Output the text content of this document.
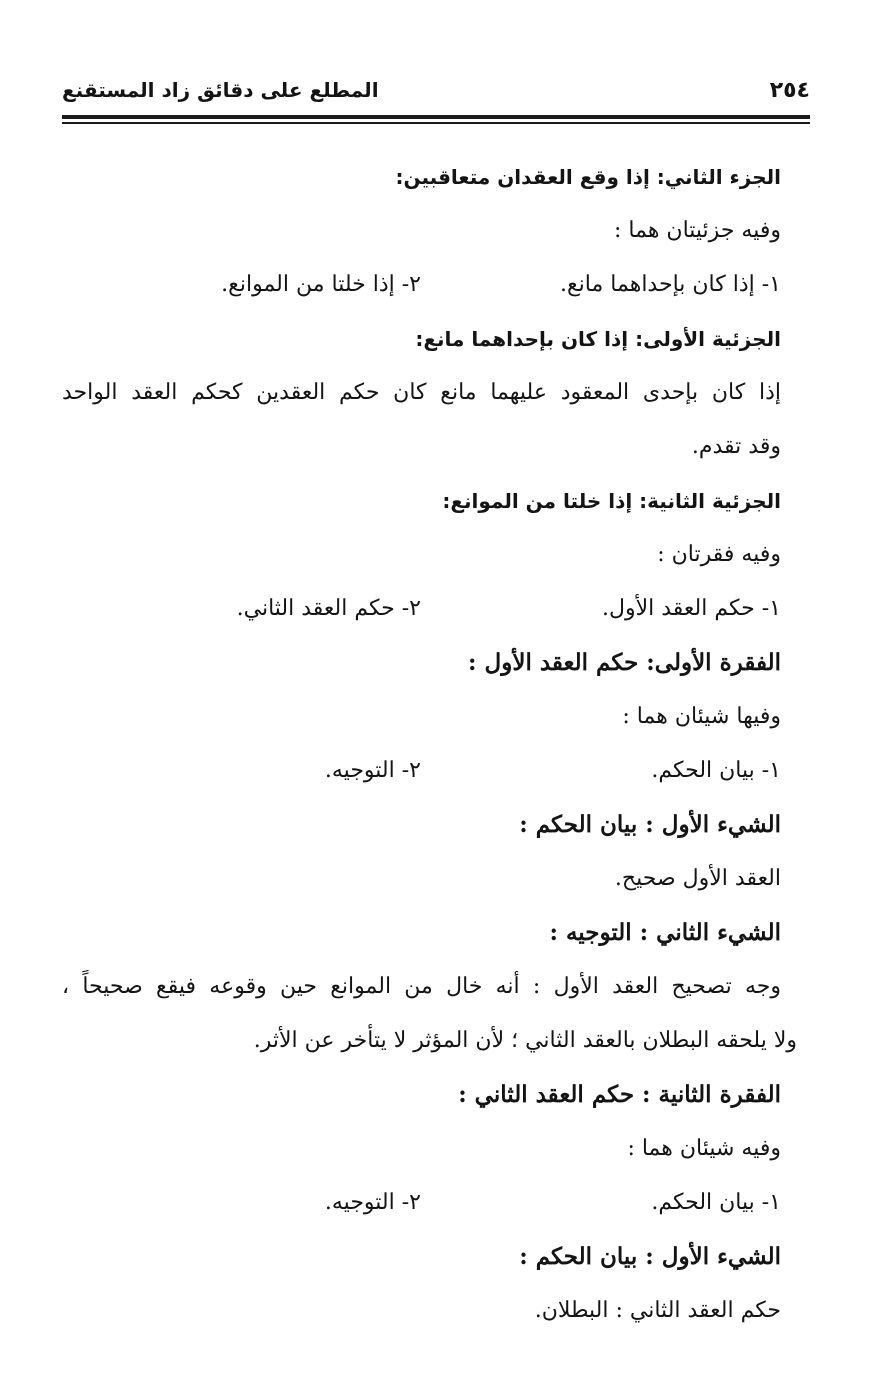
٢٥٤
المطلع على دقائق زاد المستقنع
الجزء الثاني: إذا وقع العقدان متعاقبين:
وفيه جزئيتان هما :
١- إذا كان بإحداهما مانع.
٢- إذا خلتا من الموانع.
الجزئية الأولى: إذا كان بإحداهما مانع:
إذا كان بإحدى المعقود عليهما مانع كان حكم العقدين كحكم العقد الواحد
وقد تقدم.
الجزئية الثانية: إذا خلتا من الموانع:
وفيه فقرتان :
١- حكم العقد الأول.
٢- حكم العقد الثاني.
الفقرة الأولى: حكم العقد الأول :
وفيها شيئان هما :
١- بيان الحكم.
٢- التوجيه.
الشيء الأول : بيان الحكم :
العقد الأول صحيح.
الشيء الثاني : التوجيه :
وجه تصحيح العقد الأول : أنه خال من الموانع حين وقوعه فيقع صحيحاً ،
ولا يلحقه البطلان بالعقد الثاني ؛ لأن المؤثر لا يتأخر عن الأثر.
الفقرة الثانية : حكم العقد الثاني :
وفيه شيئان هما :
١- بيان الحكم.
٢- التوجيه.
الشيء الأول : بيان الحكم :
حكم العقد الثاني : البطلان.
